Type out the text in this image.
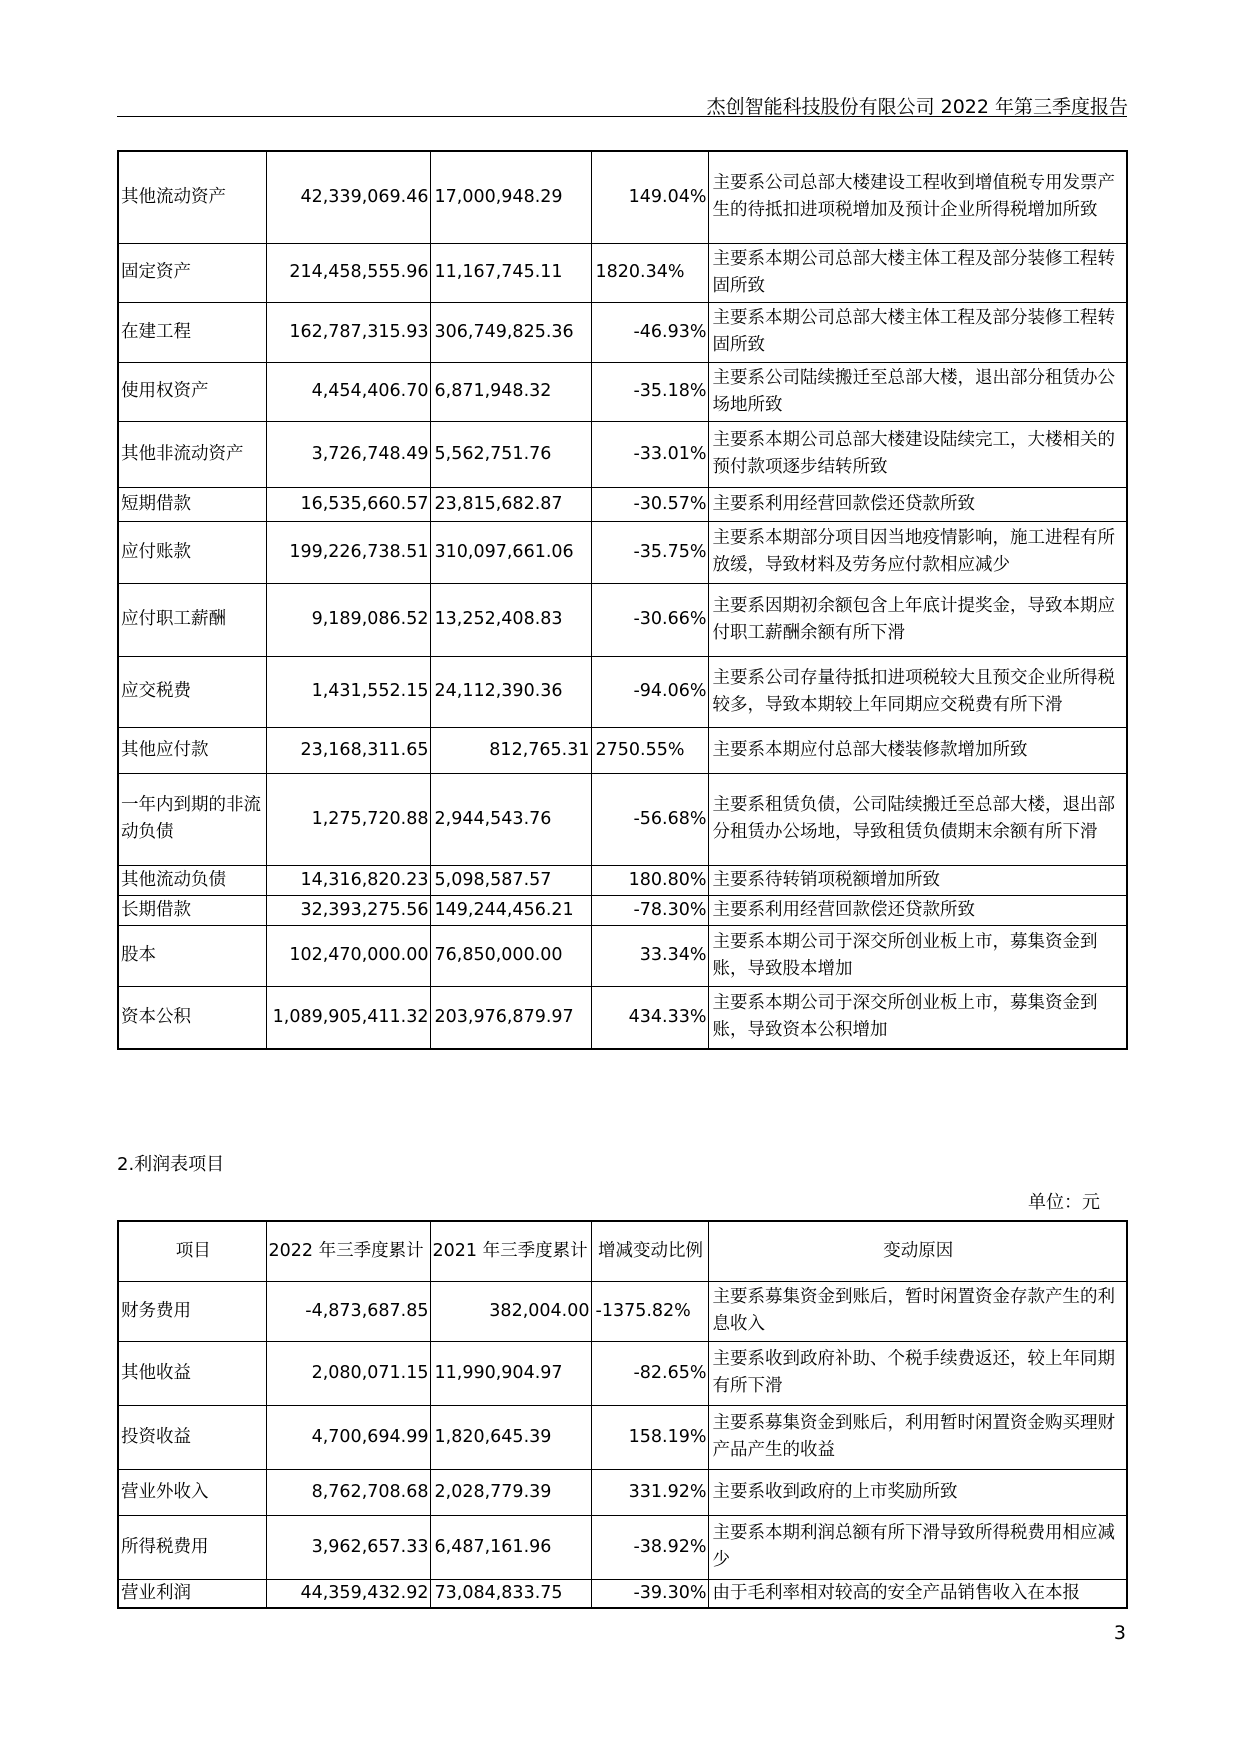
杰创智能科技股份有限公司 2022 年第三季度报告
其他流动资产	42,339,069.46	17,000,948.29	149.04%	主要系公司总部大楼建设工程收到增值税专用发票产生的待抵扣进项税增加及预计企业所得税增加所致
固定资产	214,458,555.96	11,167,745.11	1820.34%	主要系本期公司总部大楼主体工程及部分装修工程转固所致
在建工程	162,787,315.93	306,749,825.36	-46.93%	主要系本期公司总部大楼主体工程及部分装修工程转固所致
使用权资产	4,454,406.70	6,871,948.32	-35.18%	主要系公司陆续搬迁至总部大楼，退出部分租赁办公场地所致
其他非流动资产	3,726,748.49	5,562,751.76	-33.01%	主要系本期公司总部大楼建设陆续完工，大楼相关的预付款项逐步结转所致
短期借款	16,535,660.57	23,815,682.87	-30.57%	主要系利用经营回款偿还贷款所致
应付账款	199,226,738.51	310,097,661.06	-35.75%	主要系本期部分项目因当地疫情影响，施工进程有所放缓，导致材料及劳务应付款相应减少
应付职工薪酬	9,189,086.52	13,252,408.83	-30.66%	主要系因期初余额包含上年底计提奖金，导致本期应付职工薪酬余额有所下滑
应交税费	1,431,552.15	24,112,390.36	-94.06%	主要系公司存量待抵扣进项税较大且预交企业所得税较多，导致本期较上年同期应交税费有所下滑
其他应付款	23,168,311.65	812,765.31	2750.55%	主要系本期应付总部大楼装修款增加所致
一年内到期的非流动负债	1,275,720.88	2,944,543.76	-56.68%	主要系租赁负债，公司陆续搬迁至总部大楼，退出部分租赁办公场地，导致租赁负债期末余额有所下滑
其他流动负债	14,316,820.23	5,098,587.57	180.80%	主要系待转销项税额增加所致
长期借款	32,393,275.56	149,244,456.21	-78.30%	主要系利用经营回款偿还贷款所致
股本	102,470,000.00	76,850,000.00	33.34%	主要系本期公司于深交所创业板上市，募集资金到账，导致股本增加
资本公积	1,089,905,411.32	203,976,879.97	434.33%	主要系本期公司于深交所创业板上市，募集资金到账，导致资本公积增加
2.利润表项目
单位：元
项目	2022 年三季度累计	2021 年三季度累计	增减变动比例	变动原因
财务费用	-4,873,687.85	382,004.00	-1375.82%	主要系募集资金到账后，暂时闲置资金存款产生的利息收入
其他收益	2,080,071.15	11,990,904.97	-82.65%	主要系收到政府补助、个税手续费返还，较上年同期有所下滑
投资收益	4,700,694.99	1,820,645.39	158.19%	主要系募集资金到账后，利用暂时闲置资金购买理财产品产生的收益
营业外收入	8,762,708.68	2,028,779.39	331.92%	主要系收到政府的上市奖励所致
所得税费用	3,962,657.33	6,487,161.96	-38.92%	主要系本期利润总额有所下滑导致所得税费用相应减少
营业利润	44,359,432.92	73,084,833.75	-39.30%	由于毛利率相对较高的安全产品销售收入在本报
3
